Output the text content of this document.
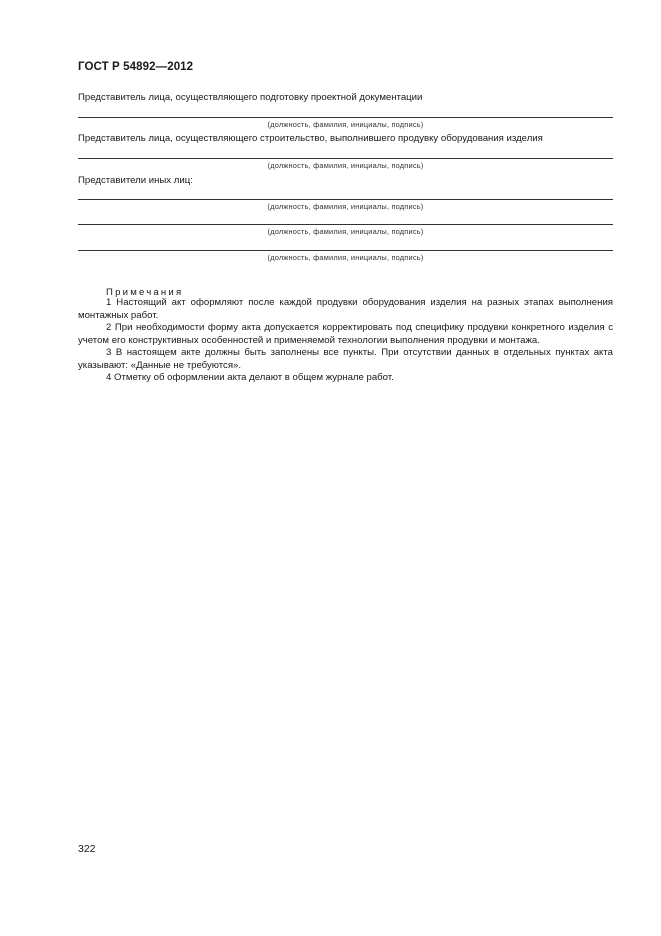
ГОСТ Р 54892—2012
Представитель лица, осуществляющего подготовку проектной документации
(должность, фамилия, инициалы, подпись)
Представитель лица, осуществляющего строительство, выполнившего продувку оборудования изделия
(должность, фамилия, инициалы, подпись)
Представители иных лиц:
(должность, фамилия, инициалы, подпись)
(должность, фамилия, инициалы, подпись)
(должность, фамилия, инициалы, подпись)
Примечания
1 Настоящий акт оформляют после каждой продувки оборудования изделия на разных этапах выполнения монтажных работ.
2 При необходимости форму акта допускается корректировать под специфику продувки конкретного изделия с учетом его конструктивных особенностей и применяемой технологии выполнения продувки и монтажа.
3 В настоящем акте должны быть заполнены все пункты. При отсутствии данных в отдельных пунктах акта указывают: «Данные не требуются».
4 Отметку об оформлении акта делают в общем журнале работ.
322
